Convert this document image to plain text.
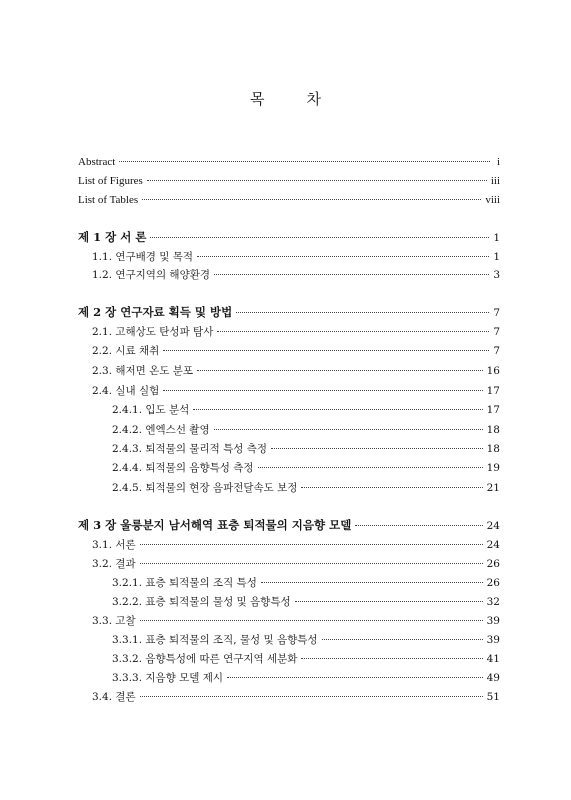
목	차
Abstract	i
List of Figures	iii
List of Tables	viii
제 1 장 서 론	1
1.1. 연구배경 및 목적	1
1.2. 연구지역의 해양환경	3
제 2 장 연구자료 획득 및 방법	7
2.1. 고해상도 탄성파 탐사	7
2.2. 시료 채취	7
2.3. 해저면 온도 분포	16
2.4. 실내 실험	17
2.4.1. 입도 분석	17
2.4.2. 엔엑스선 촬영	18
2.4.3. 퇴적물의 물리적 특성 측정	18
2.4.4. 퇴적물의 음향특성 측정	19
2.4.5. 퇴적물의 현장 음파전달속도 보정	21
제 3 장 울릉분지 남서해역 표층 퇴적물의 지음향 모델	24
3.1. 서론	24
3.2. 결과	26
3.2.1. 표층 퇴적물의 조직 특성	26
3.2.2. 표층 퇴적물의 물성 및 음향특성	32
3.3. 고찰	39
3.3.1. 표층 퇴적물의 조직, 물성 및 음향특성	39
3.3.2. 음향특성에 따른 연구지역 세분화	41
3.3.3. 지음향 모델 제시	49
3.4. 결론	51
